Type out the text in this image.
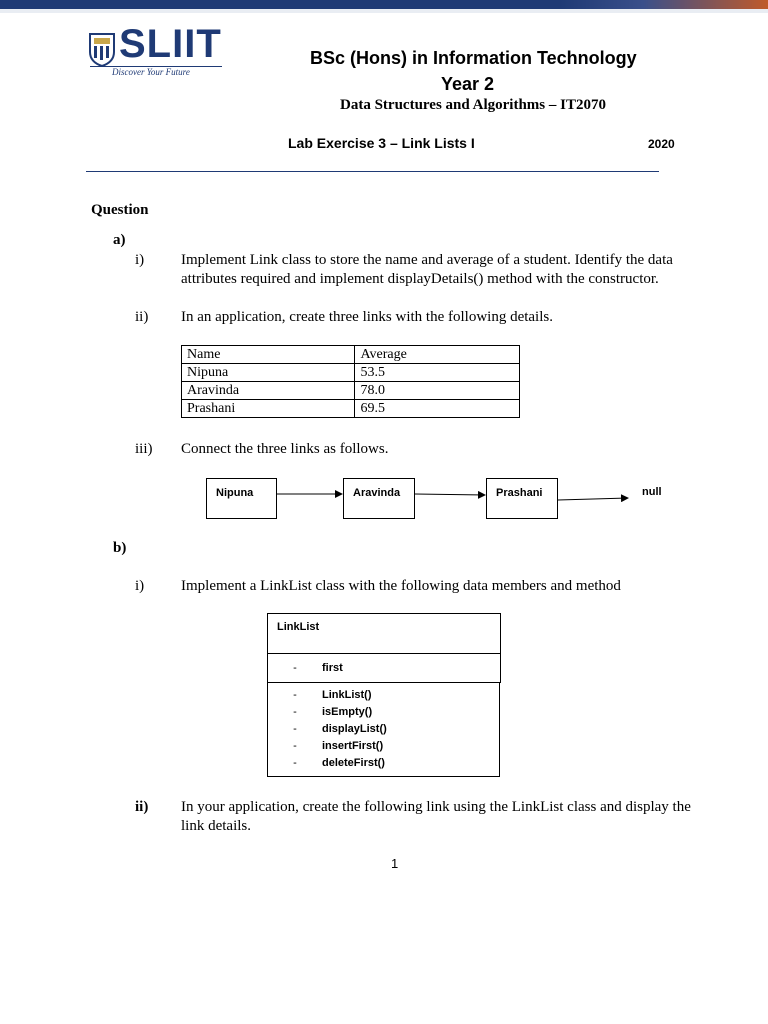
SLIIT
Discover Your Future
BSc (Hons) in Information Technology
Year 2
Data Structures and Algorithms – IT2070
Lab Exercise 3 – Link Lists I	2020
Question
a)
i) Implement Link class to store the name and average of a student. Identify the data
attributes required and implement displayDetails() method with the constructor.
ii) In an application, create three links with the following details.
Name	Average
Nipuna	53.5
Aravinda	78.0
Prashani	69.5
iii) Connect the three links as follows.
Nipuna	Aravinda	Prashani	null
b)
i) Implement a LinkList class with the following data members and method
LinkList
-	first
-	LinkList()
-	isEmpty()
-	displayList()
-	insertFirst()
-	deleteFirst()
ii) In your application, create the following link using the LinkList class and display the
link details.
1
